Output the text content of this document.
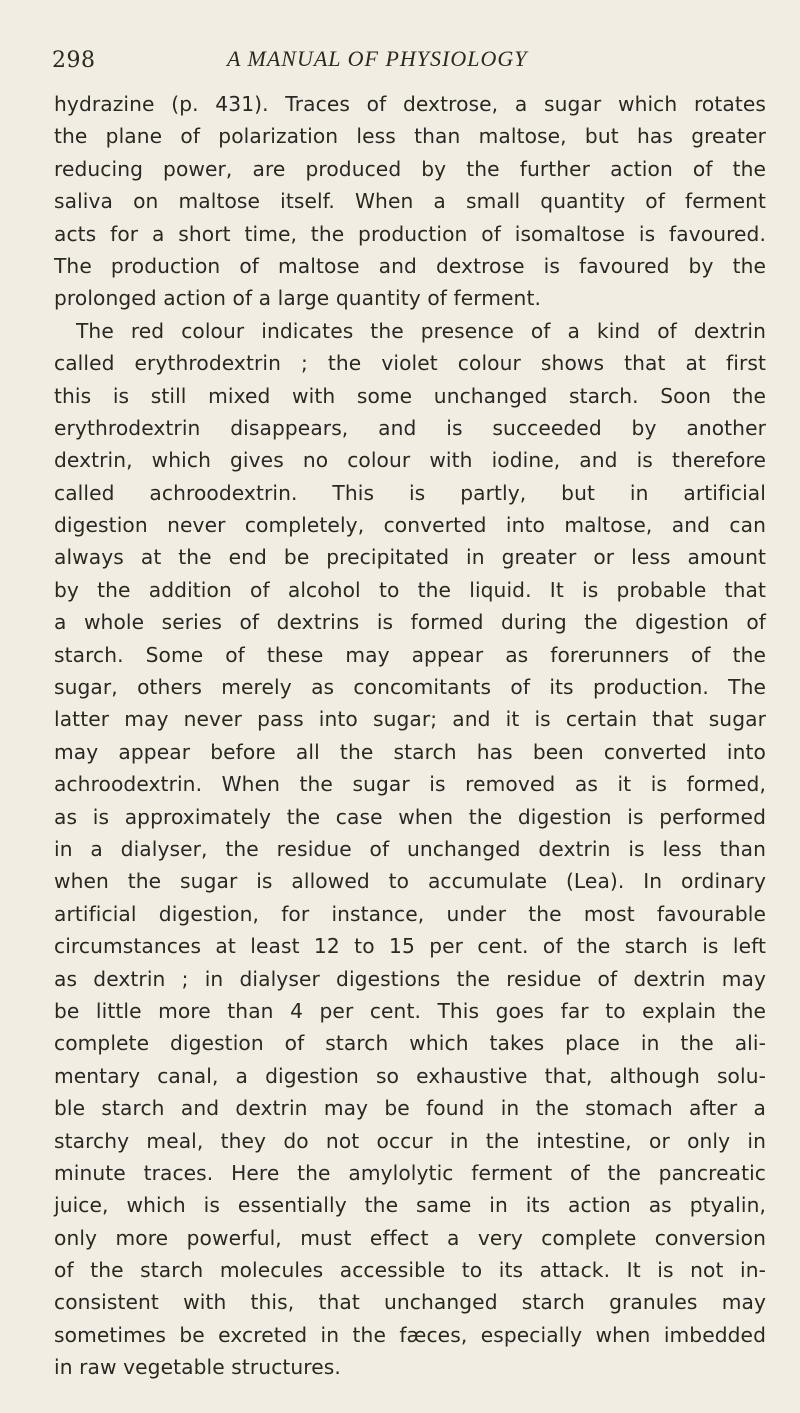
298	A MANUAL OF PHYSIOLOGY
hydrazine (p. 431). Traces of dextrose, a sugar which rotates
the plane of polarization less than maltose, but has greater
reducing power, are produced by the further action of the
saliva on maltose itself. When a small quantity of ferment
acts for a short time, the production of isomaltose is favoured.
The production of maltose and dextrose is favoured by the
prolonged action of a large quantity of ferment.
The red colour indicates the presence of a kind of dextrin
called erythrodextrin ; the violet colour shows that at first
this is still mixed with some unchanged starch. Soon the
erythrodextrin disappears, and is succeeded by another
dextrin, which gives no colour with iodine, and is therefore
called achroodextrin. This is partly, but in artificial
digestion never completely, converted into maltose, and can
always at the end be precipitated in greater or less amount
by the addition of alcohol to the liquid. It is probable that
a whole series of dextrins is formed during the digestion of
starch. Some of these may appear as forerunners of the
sugar, others merely as concomitants of its production. The
latter may never pass into sugar; and it is certain that sugar
may appear before all the starch has been converted into
achroodextrin. When the sugar is removed as it is formed,
as is approximately the case when the digestion is performed
in a dialyser, the residue of unchanged dextrin is less than
when the sugar is allowed to accumulate (Lea). In ordinary
artificial digestion, for instance, under the most favourable
circumstances at least 12 to 15 per cent. of the starch is left
as dextrin ; in dialyser digestions the residue of dextrin may
be little more than 4 per cent. This goes far to explain the
complete digestion of starch which takes place in the ali-
mentary canal, a digestion so exhaustive that, although solu-
ble starch and dextrin may be found in the stomach after a
starchy meal, they do not occur in the intestine, or only in
minute traces. Here the amylolytic ferment of the pancreatic
juice, which is essentially the same in its action as ptyalin,
only more powerful, must effect a very complete conversion
of the starch molecules accessible to its attack. It is not in-
consistent with this, that unchanged starch granules may
sometimes be excreted in the fæces, especially when imbedded
in raw vegetable structures.
